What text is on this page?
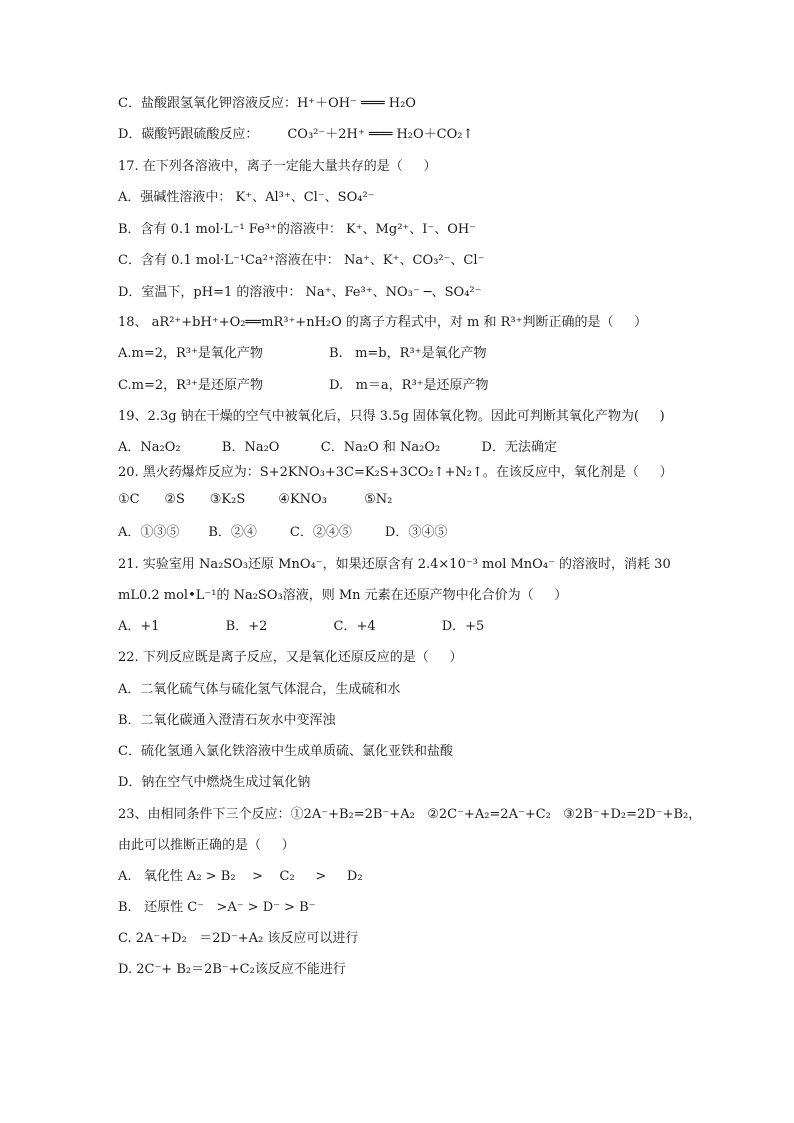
C．盐酸跟氢氧化钾溶液反应：H⁺＋OH⁻ ═══ H₂O
D．碳酸钙跟硫酸反应：       CO₃²⁻＋2H⁺ ═══ H₂O＋CO₂↑
17. 在下列各溶液中，离子一定能大量共存的是（     ）
A．强碱性溶液中： K⁺、Al³⁺、Cl⁻、SO₄²⁻
B．含有 0.1 mol·L⁻¹ Fe³⁺的溶液中： K⁺、Mg²⁺、I⁻、OH⁻
C．含有 0.1 mol·L⁻¹Ca²⁺溶液在中： Na⁺、K⁺、CO₃²⁻、Cl⁻
D．室温下，pH=1 的溶液中： Na⁺、Fe³⁺、NO₃⁻ ─、SO₄²⁻
18、 aR²⁺+bH⁺+O₂══mR³⁺+nH₂O 的离子方程式中，对 m 和 R³⁺判断正确的是（     ）
A.m=2，R³⁺是氧化产物                B.   m=b，R³⁺是氧化产物
C.m=2，R³⁺是还原产物                D.   m＝a，R³⁺是还原产物
19、2.3g 钠在干燥的空气中被氧化后，只得 3.5g 固体氧化物。因此可判断其氧化产物为(     )
A．Na₂O₂          B．Na₂O          C．Na₂O 和 Na₂O₂          D．无法确定
20. 黑火药爆炸反应为：S+2KNO₃+3C=K₂S+3CO₂↑+N₂↑。在该反应中，氧化剂是（     ）
①C      ②S      ③K₂S        ④KNO₃         ⑤N₂
A．①③⑤       B．②④        C．②④⑤        D．③④⑤
21. 实验室用 Na₂SO₃还原 MnO₄⁻，如果还原含有 2.4×10⁻³ mol MnO₄⁻ 的溶液时，消耗 30
mL0.2 mol•L⁻¹的 Na₂SO₃溶液，则 Mn 元素在还原产物中化合价为（     ）
A．+1                B．+2                C．+4                D．+5
22. 下列反应既是离子反应，又是氧化还原反应的是（     ）
A．二氧化硫气体与硫化氢气体混合，生成硫和水
B．二氧化碳通入澄清石灰水中变浑浊
C．硫化氢通入氯化铁溶液中生成单质硫、氯化亚铁和盐酸
D．钠在空气中燃烧生成过氧化钠
23、由相同条件下三个反应：①2A⁻+B₂=2B⁻+A₂   ②2C⁻+A₂=2A⁻+C₂   ③2B⁻+D₂=2D⁻+B₂，
由此可以推断正确的是（     ）
A.   氧化性 A₂ > B₂    >    C₂     >     D₂
B.   还原性 C⁻   >A⁻ > D⁻ > B⁻
C. 2A⁻+D₂   ＝2D⁻+A₂ 该反应可以进行
D. 2C⁻+ B₂＝2B⁻+C₂该反应不能进行
